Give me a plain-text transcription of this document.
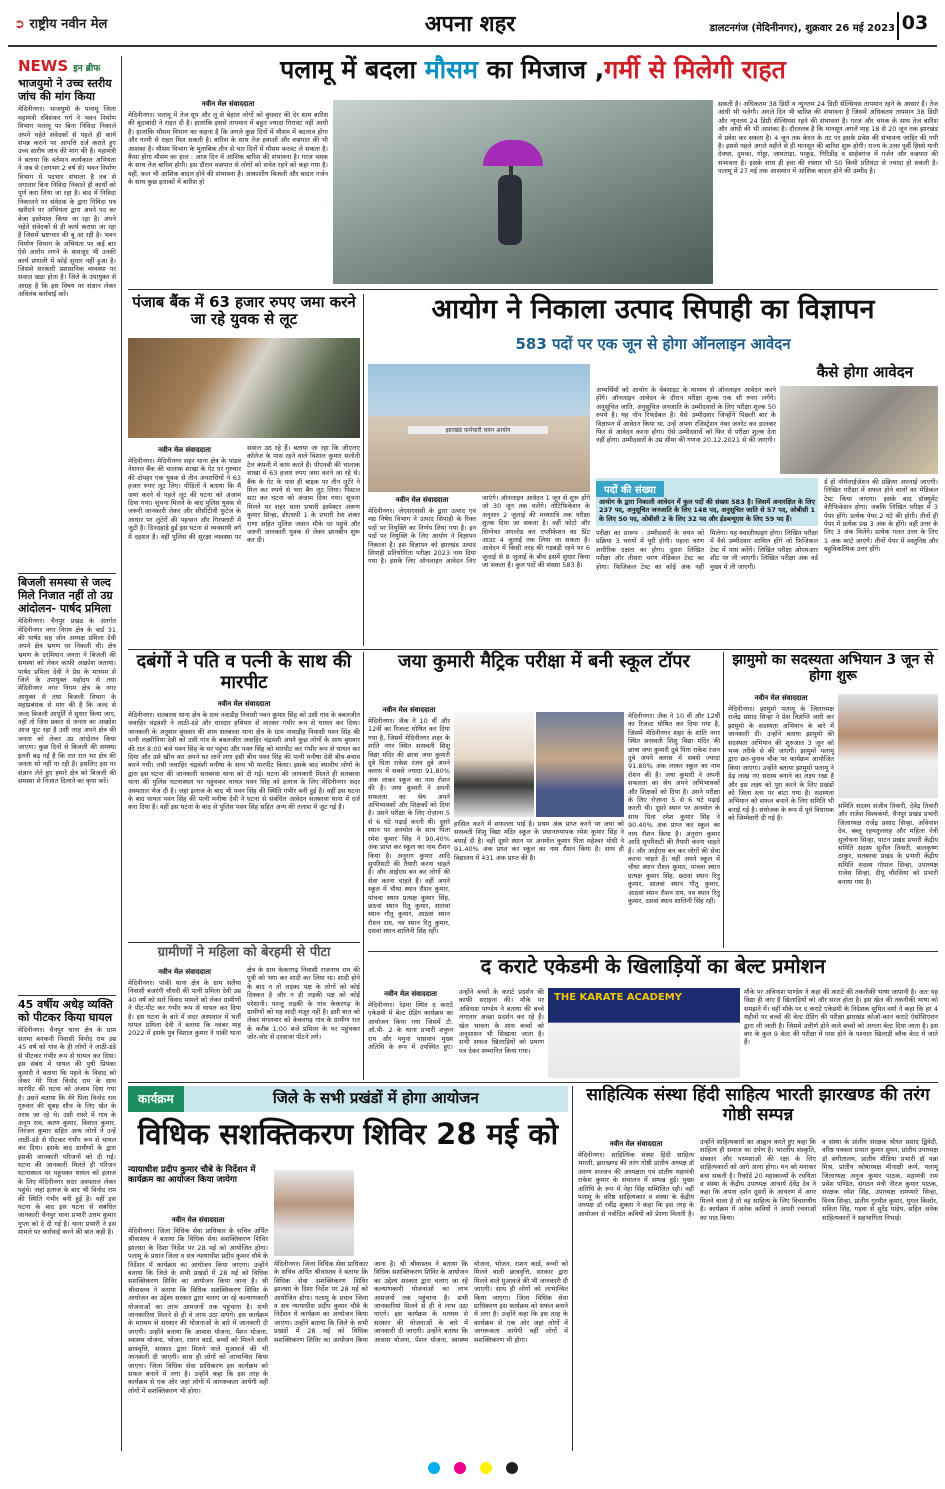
➲ राष्ट्रीय नवीन मेल	अपना शहर	डालटनगंज (मेदिनीनगर), शुक्रवार 26 मई 2023 03
NEWS इन ब्रीफ
भाजयुमो ने उच्च स्तरीय जांच की मांग किया
मेदिनीनगर। भाजयुमो के पलामू जिला महामंत्री रविशंकर गर्ग ने भवन निर्माण विभाग पलामू पर बिना निविदा निकाले अपने चहेते संवेदकों से पहले ही कार्य संपन्न कराने पर आपत्ति दर्ज कराते हुए उच्च स्तरीय जांच की मांग की है। महामंत्री ने बताया कि वर्तमान कार्यकाल अभियंता ने जब से (लगभग 2 वर्ष से) भवन निर्माण विभाग में पदभार संभाला है तब से लगातार बिना निविदा निकाले ही कार्यों को पूर्ण करा लिया जा रहा है। बाद में निविदा निकालने पर संवेदक के द्वारा निविदा पत्र खरीदने पर अभियंता द्वारा अपने पद का बेजा इस्तेमाल किया जा रहा है। अपने चहेते संवेदकों से ही कार्य कराया जा रहा है जिसमें भ्रष्टाचार की बू आ रही है। भवन निर्माण विभाग के अभियंता पर कई बार ऐसे आरोप लगने के बावजूद भी उनकी कार्य प्रणाली में कोई सुधार नहीं हुआ है। जिससे सरकारी प्रशासनिक व्यवस्था पर सवाल खड़ा होता है। जिले के उपायुक्त से आग्रह है कि इस विषय पर संज्ञान लेकर अविलंब कार्रवाई करें।
बिजली समस्या से जल्द मिले निजात नहीं तो उग्र आंदोलन- पार्षद प्रमिला
मेदिनीनगर। चैनपुर प्रखंड के अंतर्गत मेदिनीनगर नगर निगम क्षेत्र के वार्ड 31 की पार्षद सह जोन अध्यक्ष प्रमिला देवी अपने क्षेत्र भ्रमण पर निकली थी। क्षेत्र भ्रमण के दरमियान जनता ने बिजली की समस्या को लेकर काफी आक्रोश जताया। पार्षद प्रमिला देवी ने प्रेस के माध्यम से जिले के उपायुक्त महोदय से तथा मेदिनीनगर नगर निगम क्षेत्र के नगर आयुक्त से तथा बिजली विभाग के महाप्रबंधक से मांग की है कि जल्द से जल्द बिजली आपूर्ति में सुधार किया जाए, नहीं तो जिस प्रकार से जनता का आक्रोश आज फूट रहा है उसी तरह अपने क्षेत्र की जनता को लेकर उग्र आंदोलन किया जाएगा। कुछ दिनों से बिजली की समस्या इतनी बढ़ गई है कि रात रात भर क्षेत्र की जनता सो नहीं पा रही है। इसलिए इस पर संज्ञान लेते हुए हमारे क्षेत्र को बिजली की समस्या से निजात दिलाने का कृपा करें।
45 वर्षीय अधेड़ व्यक्ति को पीटकर किया घायल
मेदिनीनगर। चैनपुर थाना क्षेत्र के ग्राम सलमा बनकनी निवासी विनोद राम उम्र 45 वर्ष को गांव के ही लोगों ने लाठी-डंडे से पीटकर गंभीर रूप से घायल कर दिया। इस संबंध में घायल की पुत्री प्रियंका कुमारी ने बताया कि पहले के विवाद को लेकर मेरे पिता विनोद राम के साथ मारपीट की घटना को अंजाम दिया गया है। उसने बताया कि मेरे पिता विनोद राम गुरुवार की सुबह शौच के लिए खेत के तरफ जा रहे थे। उसी रास्ते में गांव के अनूप राम, करण कुमार, विशाल कुमार, निरंजन कुमार सहित अन्य लोगों ने उन्हें लाठी-डंडे से पीटकर गंभीर रूप से घायल कर दिया। इसके बाद ग्रामीणों के द्वारा इसकी जानकारी परिजनों को दी गई। घटना की जानकारी मिलते ही परिजन घटनास्थल पर पहुंचकर घायल को इलाज के लिए मेदिनीनगर सदर अस्पताल लेकर पहुंचे। जहां इलाज के बाद भी विनोद राम की स्थिति गंभीर बनी हुई है। वहीं इस घटना के बाद इस घटना से संबंधित जानकारी चैनपुर थाना प्रभारी उत्तम कुमार गुप्ता को दे दी गई है। थाना प्रभारी ने इस मामले पर कार्रवाई करने की बात कही है।
पलामू में बदला मौसम का मिजाज ,गर्मी से मिलेगी राहत
नवीन मेल संवाददाता
मेदिनीनगर। पलामू में तेज धूप और लू से बेहाल लोगों को बुधवार की देर शाम बारिश की बूंदाबांदी ने राहत दी है। हालांकि इससे तापमान में बहुत ज्यादा गिरावट नहीं आयी है। हालांकि मौसम विभाग का कहना है कि अगले कुछ दिनों में मौसम में बदलाव होगा और गरमी से राहत मिल सकती है। बारिश के साथ तेज हवाओं और वज्रपात की भी आशंका है। मौसम विभाग के मुताबिक तीन से चार दिनों में मौसम करवट ले सकता है। कैसा होगा मौसम का हाल : आज दिन में आंशिक बारिश की संभावना है। गरज चमक के साथ तेज बारिश होगी। इस दौरान वज्रपात से लोगों को सचेत रहने को कहा गया है। वहीं, कल भी आंशिक बादल होने की संभावना है। आकाशीय बिजली और बादल गर्जन के साथ कुछ इलाकों में बारिश हो
सकती है। अधिकतम 38 डिग्री व न्यूनतम 24 डिग्री सेल्सियस तापमान रहने के आसार हैं। तेज आंधी भी चलेगी। अगले दिन भी बारिश की संभावना है जिसमें अधिकतम तापमान 38 डिग्री और न्यूनतम 24 डिग्री सेल्सियस रहने की संभावना है। गरज और चमक के साथ तेज बारिश और आंधी की भी आशंका है। दौरतलब है कि मानसून अगले माह 18 से 20 जून तक झारखंड में प्रवेश कर सकता है। 4 जून तक केरल के तट पर इसके प्रवेश की संभावना जाहिर की गयी है। इससे पहले अगले महीने से ही मानसून की बारिश शुरू होगी। राज्य के उत्तर पूर्वी हिस्से यानी देवघर, दुमका, गोड्डा, जामताड़ा, पाकुड़, गिरिडीह व साहेबगंज में गर्जन और वज्रपात की संभावना है। इसके साथ ही हवा की रफ्तार भी 50 किमी प्रतिघंटा से ज्यादा हो सकती है। पलामू में 27 मई तक आसमान में आंशिक बादल होने की उम्मीद है।
पंजाब बैंक में 63 हजार रुपए जमा करने जा रहे युवक से लूट
नवीन मेल संवाददाता
मेदिनीनगर। मेदिनीनगर शहर थाना क्षेत्र के पांडव नेशनल बैंक की चालाक शाखा के गेट पर गुरुवार की दोपहर एक युवक से तीन अपराधियों ने 63 हजार रुपए लूट लिए। पीड़ितों ने बताया कि मैं जमा करने से पहले लूट की घटना को अंजाम दिया गया। सूचना मिलने के बाद पुलिस युवक से जरूरी जानकारी लेकर और सीसीटीवी फुटेज के आधार पर लुटेरों की पहचान और गिरफ्तारी में जुटी है। दिनदहाड़े हुई इस घटना से व्यवसायी वर्ग में दहशत है। वहीं पुलिस की सुरक्षा व्यवस्था पर सवाल उठ रहे हैं। बताया जा रहा कि जीएलए कॉलेज के पास रहने वाले विशाल कुमार सलोनी टेल कंपनी में काम करते हैं। पीएनबी की चालाक शाखा में 63 हजार रुपए जमा करने जा रहे थे। बैंक के गेट के पास ही बाइक पर तीन लुटेरे ने मिल कर रुपये से भरा बैग लूट लिया। पिस्टल सटा कर घटना को अंजाम दिया गया। सूचना मिलने पर शहर थाना प्रभारी इंस्पेक्टर अरूण कुमार सिन्हा, डीएसपी 1 के प्रभारी रेवा शंकर राणा सहित पुलिस जवान मौके पर पहुंचे और जरूरी जानकारी युवक से लेकर छानबीन शुरू कर दी।
आयोग ने निकाला उत्पाद सिपाही का विज्ञापन
583 पदों पर एक जून से होगा ऑनलाइन आवेदन
झारखंड कर्मचारी चयन आयोग
नवीन मेल संवाददाता
मेदिनीनगर। जेएसएससी के द्वारा उत्पाद एवं मद्य निषेध विभाग ने उत्पाद सिपाही के रिक्त पदों पर नियुक्ति का निर्णय लिया गया है। इन पदों पर नियुक्ति के लिए आयोग ने विज्ञापन निकाला है। इस विज्ञापन को झारखंड उत्पाद सिपाही प्रतियोगिता परीक्षा 2023 नाम दिया गया है। इसके लिए ऑनलाइन आवेदन लिए जाएंगे। ऑनलाइन आवेदन 1 जून से शुरू होंगे जो 30 जून तक चलेंगे। नोटिफिकेशन के अनुसार 2 जुलाई की मध्यरात्रि तक परीक्षा शुल्क दिया जा सकता है। वहीं फोटो और सिग्नेचर अपलोड कर एप्लीकेशन का प्रिंट आउट 4 जुलाई तक लिया जा सकता है। आवेदन में किसी तरह की गड़बड़ी रहने पर 6 जुलाई से 8 जुलाई के बीच इसमें सुधार किया जा सकता है। कुल पदों की संख्या 583 है।
कैसे होगा आवेदन
अभ्यर्थियों को आयोग के वेबसाइट के माध्यम से ऑनलाइन आवेदन करने होंगे। ऑनलाइन आवेदन के दौरान परीक्षा शुल्क एक सौ रुपए लगेंगे। अनुसूचित जाति, अनुसूचित जनजाति के उम्मीदवारों के लिए परीक्षा शुल्क 50 रुपये है। यह नॉन रिफंडेबल है। वैसे उम्मीदवार जिन्होंने पिछली बार के विज्ञापन में आवेदन किया था, उन्हें अपना रजिस्ट्रेशन नंबर जनरेट कर डालकर फिर से आवेदन करना होगा। ऐसे उम्मीदवारों को फिर से परीक्षा शुल्क देना नहीं होगा। उम्मीदवारों के उम्र सीमा की गणना 20.12.2021 से की जाएगी।
पदों की संख्या
आयोग के द्वारा निकाली आवेदन में कुल पदों की संख्या 583 है। जिसमें अनारक्षित के लिए 237 पद, अनुसूचित जनजाति के लिए 148 पद, अनुसूचित जाति से 57 पद, ओबीसी 1 के लिए 50 पद, ओबीसी 2 के लिए 32 पद और ईडब्ल्यूएस के लिए 59 पद हैं।
र्ड हो नॉर्मलाईजेशन की प्रक्रिया अपनाई जाएगी। लिखित परीक्षा में सफल होने वालों का मेडिकल टेस्ट किया जाएगा। इसके बाद डॉक्यूमेंट वेरीफिकेशन होगा। जबकि लिखित परीक्षा में 3 पेपर होंगे। प्रत्येक पेपर 2 घंटे की होगी। तीनों ही पेपर में प्रत्येक प्रश्न 3 अंक के होंगे। वहीं उत्तर के लिए 3 अंक मिलेंगे। प्रत्येक गलत उत्तर के लिए 1 अंक काटे जाएंगे। तीनों पेपर में वस्तुनिष्ठ और बहुविकल्पिक उत्तर होंगे।
परीक्षा का प्रारूप : उम्मीदवारों के चयन को प्रक्रिया 3 चरणों में पूरी होगी। पहला चरण शारीरिक दक्षता का होगा। दूसरा लिखित परीक्षा और तीसरा चरण मेडिकल टेस्ट का होगा। फिजिकल टेस्ट का कोई अंक नहीं मिलेगा। यह क्वालीफाइंग होगा। लिखित परीक्षा में वैसे उम्मीदवार शामिल होंगे जो फिजिकल टेस्ट में पास करेंगे। लिखित परीक्षा ओएमआर शीट पर ली जाएगी। लिखित परीक्षा अंक वर्ड मुख्य में ली जाएगी।
दबंगों ने पति व पत्नी के साथ की मारपीट
नवीन मेल संवाददाता
मेदिनीनगर। सतबरवा थाना क्षेत्र के ग्राम नवाडीह निवासी पवन कुमार सिंह को उसी गांव के बबलजीत जवाहिर चंद्रवंशी ने लाठी-डंडे और धारदार हथियार से मारकर गंभीर रूप से घायल कर दिया। जानकारी के अनुसार बुधवार की शाम सतबरवा थाना क्षेत्र के ग्राम नावाडीह निवासी पवन सिंह की पत्नी लक्ष्मीनिया देवी को उसी गांव के बबलजीत जवाहिर चंद्रवंशी अपने कुछ लोगों के साथ बुधवार की रात 8:00 बजे पवन सिंह के घर पहुंचा और पवन सिंह को मारपीट कर गंभीर रूप से घायल कर दिया और उसे खींच कर अपने घर लाने लगा इसी बीच पवन सिंह की पत्नी मनीषा देवी बीच-बचाव करने गयी। तभी जवाहिर चंद्रवंशी मनीषा के साथ भी मारपीट किया। इसके बाद स्थानीय लोगों के द्वारा इस घटना की जानकारी सतबरवा थाना को दी गई। घटना की जानकारी मिलते ही सतबरवा थाना की पुलिस घटनास्थल पर पहुंचकर घायल पवन सिंह को इलाज के लिए मेदिनीनगर सदर अस्पताल भेज दी है। जहां इलाज के बाद भी पवन सिंह की स्थिति गंभीर बनी हुई है। वहीं इस घटना के बाद घायल पवन सिंह की पत्नी मनीषा देवी ने घटना से संबंधित आवेदन सतबरवा थाना में दर्ज करा दिया है। वहीं इस घटना के बाद से पुलिस पवन सिंह सहित अन्य की तलाश में जुट गई है।
ग्रामीणों ने महिला को बेरहमी से पीटा
नवीन मेल संवाददाता
मेदिनीनगर। पांकी थाना क्षेत्र के ग्राम सलैया निवासी बजरंगी चौधरी की पत्नी प्रमिला देवी उम्र 40 वर्ष को सारे विवाद मामले को लेकर ग्रामीणों ने पीट-पीट कर गंभीर रूप से घायल कर दिया है। इस घटना के बारे में सदर अस्पताल में भर्ती घायल प्रमिला देवी ने बताया कि नवंबर माह 2022 में इसके पुत्र विशाल कुमार ने पांकी थाना क्षेत्र के ग्राम केकरगढ़ निवासी राजनाथ राम की पुत्री को भगा कर शादी कर लिया था। शादी होने के बाद न तो लड़का पक्ष के लोगों को कोई दिक्कत है और न ही लड़की पक्ष को कोई परेशानी। परन्तु लड़की के गांव केकरगढ़ के ग्रामीणों को यह शादी मंजूर नहीं है। इसी बात को लेकर मंगलवार को केकरगढ़ गांव के ग्रामीण रात के करीब 1:00 बजे प्रमिला के घर पहुंचकर जोर-जोर से दरवाजा पीटने लगे।
जया कुमारी मैट्रिक परीक्षा में बनी स्कूल टॉपर
नवीन मेल संवाददाता
मेदिनीनगर। जैक ने 10 वीं और 12वीं का रिजल्ट घोषित कर दिया गया है, जिसमें मेदिनीनगर शहर के शांति नगर स्थित सरस्वती शिशु विद्या मंदिर की छात्रा जया कुमारी दुबे पिता राकेश रंजन दुबे अपने क्लास में सबसे ज्यादा 91.80% अंक लाकर स्कूल का नाम रोशन की है। जया कुमारी ने अपनी सफलता का श्रेय अपने अभिभावकों और शिक्षकों को दिया है। उसने परीक्षा के लिए रोज़ाना 5 से 6 घंटे पढ़ाई करती थी। दूसरे स्थान पर अनमोल के साथ पिता रमेश कुमार सिंह ने 90.40% अंक प्राप्त कर स्कूल का नाम रौशन किया है। अनुराग कुमार आदि सुपरिसटी की तैयारी करना चाहते हैं। और आईएस बन कर लोगों की सेवा करना चाहते हैं। वहीं अपने स्कूल में चौथा स्थान रौशन कुमार, पांचवा स्थान प्रत्यक्ष कुमार सिंह, छठवां स्थान रितु कुमार, सातवां स्थान गौतू कुमार, आठवां स्थान रौशन राय, नव स्थान रितु कुमार, दसवां स्थान शालिनी सिंह रहीं।
हासिल करने में सफलता पाई है। प्रथम अंक प्राप्त करने पर जया को सरस्वती शिशु विद्या मंदिर स्कूल के प्रधानाध्यापक रमेश कुमार सिंह ने बधाई दी है। वहीं दूसरे स्थान पर अनमोल कुमार पिता महेश्वर मोधी ने 91.40% अंक प्राप्त कर स्कूल का नाम रौशन किया है। साथ ही विद्यालय में 431 अंक प्राप्त की है।
मेदिनीनगर। जैक ने 10 वीं और 12वीं का रिजल्ट घोषित कर दिया गया है, जिसमें मेदिनीनगर शहर के शांति नगर स्थित सरस्वती शिशु विद्या मंदिर की छात्रा जया कुमारी दुबे पिता राकेश रंजन दुबे अपने क्लास में सबसे ज्यादा 91.80% अंक लाकर स्कूल का नाम रोशन की है। जया कुमारी ने अपनी सफलता का श्रेय अपने अभिभावकों और शिक्षकों को दिया है। उसने परीक्षा के लिए रोज़ाना 5 से 6 घंटे पढ़ाई करती थी। दूसरे स्थान पर अनमोल के साथ पिता रमेश कुमार सिंह ने 90.40% अंक प्राप्त कर स्कूल का नाम रौशन किया है। अनुराग कुमार आदि सुपरिसटी की तैयारी करना चाहते हैं। और आईएस बन कर लोगों की सेवा करना चाहते हैं। वहीं अपने स्कूल में चौथा स्थान रौशन कुमार, पांचवा स्थान प्रत्यक्ष कुमार सिंह, छठवां स्थान रितु कुमार, सातवां स्थान गौतू कुमार, आठवां स्थान रौशन राय, नव स्थान रितु कुमार, दसवां स्थान शालिनी सिंह रहीं।
झामुमो का सदस्यता अभियान 3 जून से होगा शुरू
नवीन मेल संवाददाता
मेदिनीनगर। झामुमो पलामू के जिलाध्यक्ष राजेंद्र प्रसाद सिन्हा ने प्रेस विज्ञप्ति जारी कर झामुमो के सदस्यता अभियान के बारे में जानकारी दी। उन्होंने बताया झामुमो की सदस्यता अभियान की शुरुआत 3 जून को भव्य तरीके से की जाएगी। झामुमो पलामू द्वारा छत-चुनाव चौक पर कार्यक्रम आयोजित किया जाएगा। उन्होंने बताया झामुमो पलामू ने डेढ़ लाख नए सदस्य बनाने का लक्ष्य रखा है और इस लक्ष्य को पूरा करने के लिए प्रखंडों को जिला स्तर पर बांटा गया है। सदस्यता अभियान को सफल बनाने के लिए समिति भी बनाई गई है। संयोजक के रूप में पूर्व विधायक को जिम्मेवारी दी गई है।
समिति सदस्य संजीव तिवारी, देवेंद्र तिवारी और राजेश विश्वकर्मा, चैनपुर प्रखंड प्रभारी जिलाध्यक्ष राजेंद्र प्रसाद सिन्हा, अविनाश देव, बब्लू रहमतुल्लाह और महिला नेत्री सुलोचना सिन्हा, पाटन प्रखंड प्रभारी केंद्रीय समिति सदस्य सुनील तिवारी, बालकृष्ण ठाकुर, सतबरवा प्रखंड के प्रभारी केंद्रीय समिति सदस्य गोपाल सिन्हा, उपाध्यक्ष राजेश सिन्हा, दीपू चौरसिया को प्रभारी बनाया गया है।
द कराटे एकेडमी के खिलाड़ियों का बेल्ट प्रमोशन
नवीन मेल संवाददाता
मेदिनीनगर। रेड़मा स्थित द कराटे एकेडमी में बेल्ट ग्रेडिंग कार्यक्रम का आयोजन किया गया जिसमें टी. ओ.पी- 2 के थाना प्रभारी शत्रुघ्न राय और यमुना पासवान मुख्य अतिथि के रूप में उपस्थित हुए। उन्होंने बच्चों के कराटे प्रदर्शन की काफी सराहना की। मौके पर अविनाश पाण्डेय ने बताया की बच्चे लगातार अच्छा प्रदर्शन कर रहे हैं। खेल भावना के साथ बच्चों को अनुशासन भी सिखाया जाता है। सभी सफल खिलाड़ियों को प्रमाण पत्र देकर सम्मानित किया गया।
THE KARATE ACADEMY	मौके पर अविनाश पाण्डेय ने कहा की कराटे की तकनीकी भाषा जापानी है। अतः यह विद्या ही जाए है खिलाड़ियों को और सरल होता है। इस खेल की तकनीकी भाषा को समझने में। वहीं मौके पर द कराटे एकेडमी के निदेशक सुमित वर्मा ने कहा कि हर 4 महीनों पर बच्चों की बेल्ट ग्रेडिंग की परीक्षा झारखंड कोओ-कान कराटे ऐसोसिएशन द्वारा ली जाती है। जिसमें उत्तीर्ण होने वाले बच्चों को अगला बेल्ट दिया जाता है। इस बार के कुल 9 बेल्ट की परीक्षा में पास होने के पश्चात खिलाड़ी ब्लैक बेल्ट में जाते हैं।
कार्यक्रम	जिले के सभी प्रखंडों में होगा आयोजन
विधिक सशक्तिकरण शिविर 28 मई को
न्यायाधीश प्रदीप कुमार चौबे के निर्देशन में कार्यक्रम का आयोजन किया जायेगा
नवीन मेल संवाददाता
मेदिनीनगर। जिला विधिक सेवा प्राधिकार के सचिव अर्पित श्रीवास्तव ने बताया कि विधिक सेवा सशक्तिकरण शिविर झालसा के दिशा निर्देश पर 28 मई को आयोजित होगा। पलामू के प्रधान जिला व सत्र न्यायाधीश प्रदीप कुमार चौबे के निर्देशन में कार्यक्रम का आयोजन किया जाएगा। उन्होंने बताया कि जिले के सभी प्रखंडों में 28 मई को विधिक सशक्तिकरण शिविर का आयोजन किया जाना है। श्री श्रीवास्तव ने बताया कि विधिक सशक्तिकरण शिविर के आयोजन का उद्देश्य सरकार द्वारा चलाए जा रहे कल्याणकारी योजनाओं का लाभ आमजनों तक पहुंचाना है। सभी जानकारियां मिलने से ही वे लाभ उठा पाएंगे। इस कार्यक्रम के माध्यम से सरकार की योजनाओं के बारे में जानकारी दी जाएगी। उन्होंने बताया कि आवास योजना, पेंशन योजना, स्वास्थ्य योजना, भोजन, राशन कार्ड, बच्चों को मिलने वाली छात्रवृत्ति, सरकार द्वारा मिलने वाले मुआवजे की भी जानकारी दी जाएगी। साथ ही लोगों को लाभान्वित किया जाएगा। जिला विधिक सेवा प्राधिकरण इस कार्यक्रम को सफल बनाने में लगा है। उन्होंने कहा कि इस तरह के कार्यक्रम से एक ओर जहां लोगों में जागरूकता आयेगी वहीं लोगों में सशक्तिकरण भी होगा।
मेदिनीनगर। जिला विधिक सेवा प्राधिकार के सचिव अर्पित श्रीवास्तव ने बताया कि विधिक सेवा सशक्तिकरण शिविर झालसा के दिशा निर्देश पर 28 मई को आयोजित होगा। पलामू के प्रधान जिला व सत्र न्यायाधीश प्रदीप कुमार चौबे के निर्देशन में कार्यक्रम का आयोजन किया जाएगा। उन्होंने बताया कि जिले के सभी प्रखंडों में 28 मई को विधिक सशक्तिकरण शिविर का आयोजन किया जाना है। श्री श्रीवास्तव ने बताया कि विधिक सशक्तिकरण शिविर के आयोजन का उद्देश्य सरकार द्वारा चलाए जा रहे कल्याणकारी योजनाओं का लाभ आमजनों तक पहुंचाना है। सभी जानकारियां मिलने से ही वे लाभ उठा पाएंगे। इस कार्यक्रम के माध्यम से सरकार की योजनाओं के बारे में जानकारी दी जाएगी। उन्होंने बताया कि आवास योजना, पेंशन योजना, स्वास्थ्य योजना, भोजन, राशन कार्ड, बच्चों को मिलने वाली छात्रवृत्ति, सरकार द्वारा मिलने वाले मुआवजे की भी जानकारी दी जाएगी। साथ ही लोगों को लाभान्वित किया जाएगा। जिला विधिक सेवा प्राधिकरण इस कार्यक्रम को सफल बनाने में लगा है। उन्होंने कहा कि इस तरह के कार्यक्रम से एक ओर जहां लोगों में जागरूकता आयेगी वहीं लोगों में सशक्तिकरण भी होगा।
साहित्यिक संस्था हिंदी साहित्य भारती झारखण्ड की तरंग गोष्ठी सम्पन्न
नवीन मेल संवाददाता
मेदिनीनगर। साहित्यिक संस्था हिंदी साहित्य भारती, झारखण्ड की तरंग गोष्ठी प्रांतीय अध्यक्ष डॉ अरुण सज्जन की अध्यक्षता एवं प्रांतीय महामंत्री राकेश कुमार के संचालन में सम्पन्न हुई। मुख्य अतिथि के रूप में नेहा सिंह सम्मिलित रही। वहीं पलामू के वरिष्ठ साहित्यकार व संस्था के केंद्रीय अध्यक्ष डॉ रवींद्र शुक्ला ने कहा कि इस तरह के आयोजन से नवोदित कवियों को प्रेरणा मिलती है। उन्होंने साहित्यकारों का आह्वान करते हुए कहा कि साहित्य ही समाज का दर्पण है। भारतीय संस्कृति, संस्कार और परम्पराओं की रक्षा के लिए साहित्यकारों को आगे आना होगा। मन को मनाकर बचा सकती है। रिकॉर्ड 20 महाकाव्यों के रचयिता व संस्था के केंद्रीय उपाध्यक्ष आचार्य देवेंद्र देव ने कहा कि अपना दर्शन दूसरों के आचरण में अगर मिलने वाला है तो वह साहित्य के लिए विचारणीय है। कार्यक्रम में अनेक कवियों ने अपनी रचनाओं का पाठ किया।
व संस्था के प्रांतीय संरक्षक श्रीधर प्रसाद द्विवेदी, वरिष्ठ पत्रकार प्रभात कुमार सुमन, प्रांतीय उपाध्यक्ष डॉ संगीतालय, प्रांतीय मीडिया प्रभारी डॉ पन्ना मिश्र, प्रांतीय कोषाध्यक्ष मीनाक्षी कर्ण, पलामू जिलाध्यक्ष अनुज कुमार पाठक, महामंत्री राम प्रवेश पण्डित, संगठन मंत्री नीरज कुमार पाठक, संरक्षक रमेश सिंह, उपाध्यक्ष रामप्यारे सिन्हा, विनय सिन्हा, प्रांतीय गुरमीत कुमार, युगल किशोर, सविता सिंह, गड़वा से सुरेंद्र पांडेय, सहित अनेक साहित्यकारों ने सहभागिता निभाई।
